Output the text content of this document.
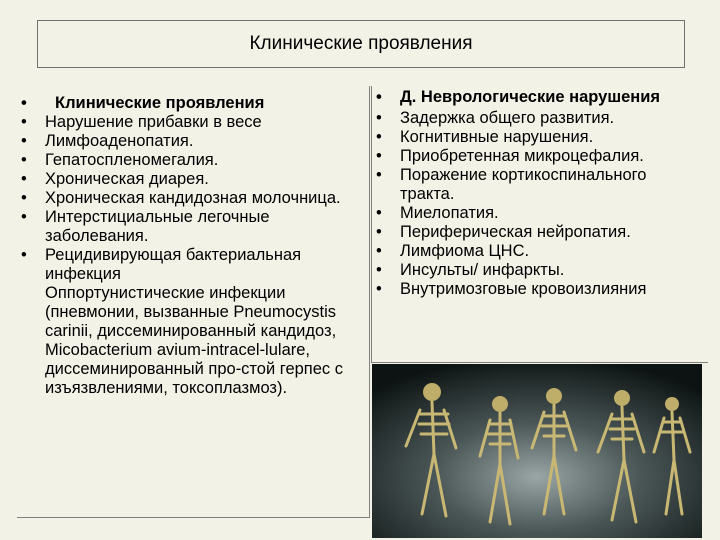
Клинические проявления
• Клинические проявления
• Нарушение прибавки в весе
• Лимфоаденопатия.
• Гепатоспленомегалия.
• Хроническая диарея.
• Хроническая кандидозная молочница.
• Интерстициальные легочные заболевания.
• Рецидивирующая бактериальная инфекция
Оппортунистические инфекции (пневмонии, вызванные Pneumocystis carinii, диссеминированный кандидоз, Micobacterium avium-intracel-lulare, диссеминированный про-стой герпес с изъязвлениями, токсоплазмоз).
• Д. Неврологические нарушения
• Задержка общего развития.
• Когнитивные нарушения.
• Приобретенная микроцефалия.
• Поражение кортикоспинального тракта.
• Миелопатия.
• Периферическая нейропатия.
• Лимфиома ЦНС.
• Инсульты/ инфаркты.
• Внутримозговые кровоизлияния
